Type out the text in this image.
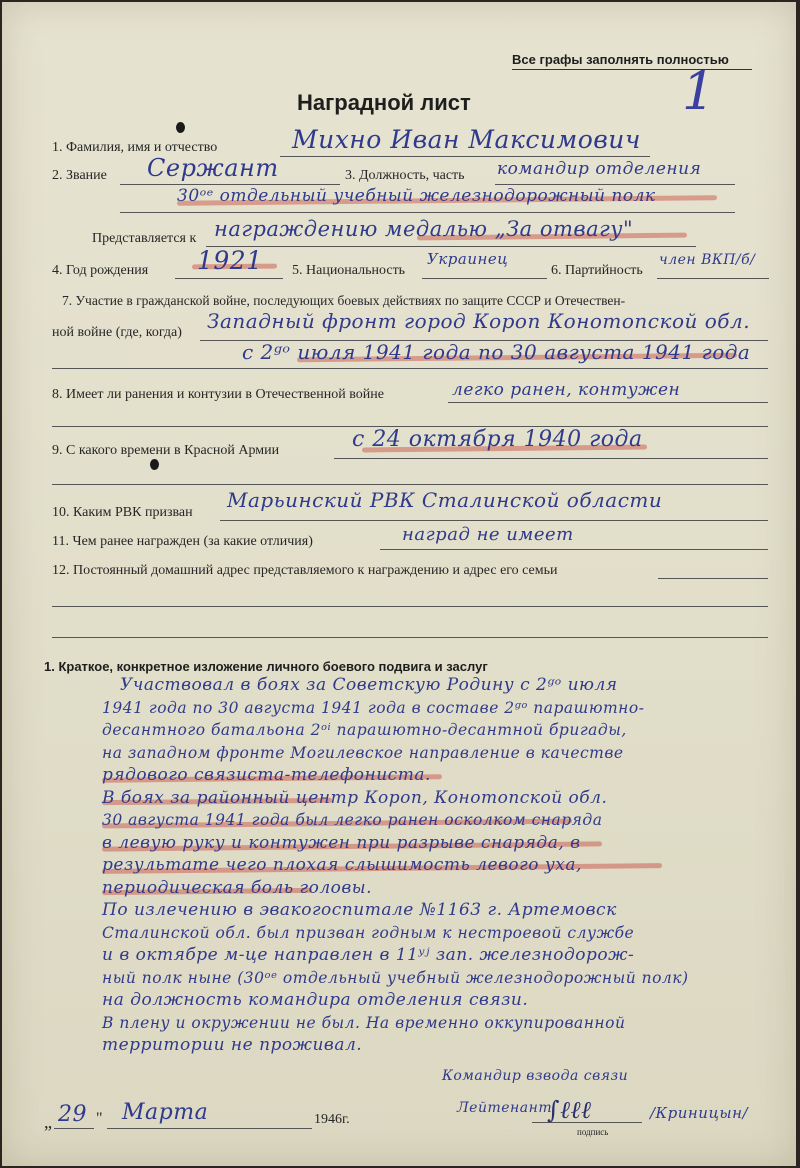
Все графы заполнять полностью
1
Наградной лист
1. Фамилия, имя и отчество	Михно Иван Максимович
2. Звание Сержант	3. Должность, часть командир отделения
30ᵒᵉ отдельный учебный железнодорожный полк
Представляется к награждению медалью „За отвагу"
4. Год рождения 1921 5. Национальность
Украинец
6. Партийность
член ВКП/б/
7. Участие в гражданской войне, последующих боевых действиях по защите СССР и Отечествен-
ной войне (где, когда) Западный фронт город Короп Конотопской обл.
с 2ᵍᵒ июля 1941 года по 30 августа 1941 года
8. Имеет ли ранения и контузии в Отечественной войне	легко ранен, контужен
9. С какого времени в Красной Армии	с 24 октября 1940 года
10. Каким РВК призван
Марьинский РВК Сталинской области
11. Чем ранее награжден (за какие отличия)	наград не имеет
12. Постоянный домашний адрес представляемого к награждению и адрес его семьи
1. Краткое, конкретное изложение личного боевого подвига и заслуг
Участвовал в боях за Советскую Родину с 2ᵍᵒ июля
1941 года по 30 августа 1941 года в составе 2ᵍᵒ парашютно-
десантного батальона 2ᵒⁱ парашютно-десантной бригады,
на западном фронте Могилевское направление в качестве
рядового связиста-телефониста.
В боях за районный центр Короп, Конотопской обл.
30 августа 1941 года был легко ранен осколком снаряда
в левую руку и контужен при разрыве снаряда, в
результате чего плохая слышимость левого уха,
периодическая боль головы.
По излечению в эвакогоспитале №1163 г. Артемовск
Сталинской обл. был призван годным к нестроевой службе
и в октябре м-це направлен в 11ʸʲ зап. железнодорож-
ный полк ныне (30ᵒᵉ отдельный учебный железнодорожный полк)
на должность командира отделения связи.
В плену и окружении не был. На временно оккупированной
территории не проживал.
Командир взвода связи
Лейтенант
∫⁠ℓℓℓ	/Криницын/
подпись
„ 29 " Марта	1946г.
